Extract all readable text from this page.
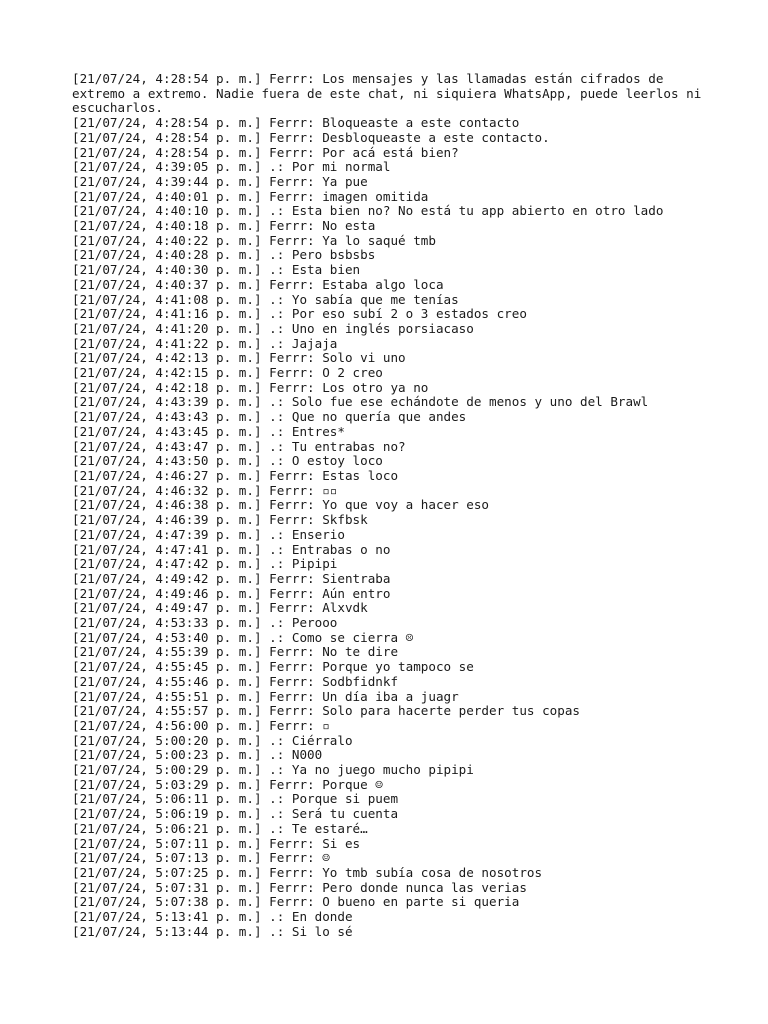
[21/07/24, 4:28:54 p. m.] Ferrr: Los mensajes y las llamadas están cifrados de extremo a extremo. Nadie fuera de este chat, ni siquiera WhatsApp, puede leerlos ni escucharlos.

[21/07/24, 4:28:54 p. m.] Ferrr: Bloqueaste a este contacto
[21/07/24, 4:28:54 p. m.] Ferrr: Desbloqueaste a este contacto.
[21/07/24, 4:28:54 p. m.] Ferrr: Por acá está bien?
[21/07/24, 4:39:05 p. m.] .: Por mi normal
[21/07/24, 4:39:44 p. m.] Ferrr: Ya pue
[21/07/24, 4:40:01 p. m.] Ferrr: imagen omitida
[21/07/24, 4:40:10 p. m.] .: Esta bien no? No está tu app abierto en otro lado
[21/07/24, 4:40:18 p. m.] Ferrr: No esta
[21/07/24, 4:40:22 p. m.] Ferrr: Ya lo saqué tmb
[21/07/24, 4:40:28 p. m.] .: Pero bsbsbs
[21/07/24, 4:40:30 p. m.] .: Esta bien
[21/07/24, 4:40:37 p. m.] Ferrr: Estaba algo loca
[21/07/24, 4:41:08 p. m.] .: Yo sabía que me tenías
[21/07/24, 4:41:16 p. m.] .: Por eso subí 2 o 3 estados creo
[21/07/24, 4:41:20 p. m.] .: Uno en inglés porsiacaso
[21/07/24, 4:41:22 p. m.] .: Jajaja
[21/07/24, 4:42:13 p. m.] Ferrr: Solo vi uno
[21/07/24, 4:42:15 p. m.] Ferrr: O 2 creo
[21/07/24, 4:42:18 p. m.] Ferrr: Los otro ya no
[21/07/24, 4:43:39 p. m.] .: Solo fue ese echándote de menos y uno del Brawl
[21/07/24, 4:43:43 p. m.] .: Que no quería que andes
[21/07/24, 4:43:45 p. m.] .: Entres*
[21/07/24, 4:43:47 p. m.] .: Tu entrabas no?
[21/07/24, 4:43:50 p. m.] .: O estoy loco
[21/07/24, 4:46:27 p. m.] Ferrr: Estas loco
[21/07/24, 4:46:32 p. m.] Ferrr: ▫▫
[21/07/24, 4:46:38 p. m.] Ferrr: Yo que voy a hacer eso
[21/07/24, 4:46:39 p. m.] Ferrr: Skfbsk
[21/07/24, 4:47:39 p. m.] .: Enserio
[21/07/24, 4:47:41 p. m.] .: Entrabas o no
[21/07/24, 4:47:42 p. m.] .: Pipipi
[21/07/24, 4:49:42 p. m.] Ferrr: Sientraba
[21/07/24, 4:49:46 p. m.] Ferrr: Aún entro
[21/07/24, 4:49:47 p. m.] Ferrr: Alxvdk
[21/07/24, 4:53:33 p. m.] .: Perooo
[21/07/24, 4:53:40 p. m.] .: Como se cierra ☹
[21/07/24, 4:55:39 p. m.] Ferrr: No te dire
[21/07/24, 4:55:45 p. m.] Ferrr: Porque yo tampoco se
[21/07/24, 4:55:46 p. m.] Ferrr: Sodbfidnkf
[21/07/24, 4:55:51 p. m.] Ferrr: Un día iba a juagr
[21/07/24, 4:55:57 p. m.] Ferrr: Solo para hacerte perder tus copas
[21/07/24, 4:56:00 p. m.] Ferrr: ▫
[21/07/24, 5:00:20 p. m.] .: Ciérralo
[21/07/24, 5:00:23 p. m.] .: N000
[21/07/24, 5:00:29 p. m.] .: Ya no juego mucho pipipi
[21/07/24, 5:03:29 p. m.] Ferrr: Porque ☺
[21/07/24, 5:06:11 p. m.] .: Porque si puem
[21/07/24, 5:06:19 p. m.] .: Será tu cuenta
[21/07/24, 5:06:21 p. m.] .: Te estaré…
[21/07/24, 5:07:11 p. m.] Ferrr: Si es
[21/07/24, 5:07:13 p. m.] Ferrr: ☺
[21/07/24, 5:07:25 p. m.] Ferrr: Yo tmb subía cosa de nosotros
[21/07/24, 5:07:31 p. m.] Ferrr: Pero donde nunca las verias
[21/07/24, 5:07:38 p. m.] Ferrr: O bueno en parte si queria
[21/07/24, 5:13:41 p. m.] .: En donde
[21/07/24, 5:13:44 p. m.] .: Si lo sé
